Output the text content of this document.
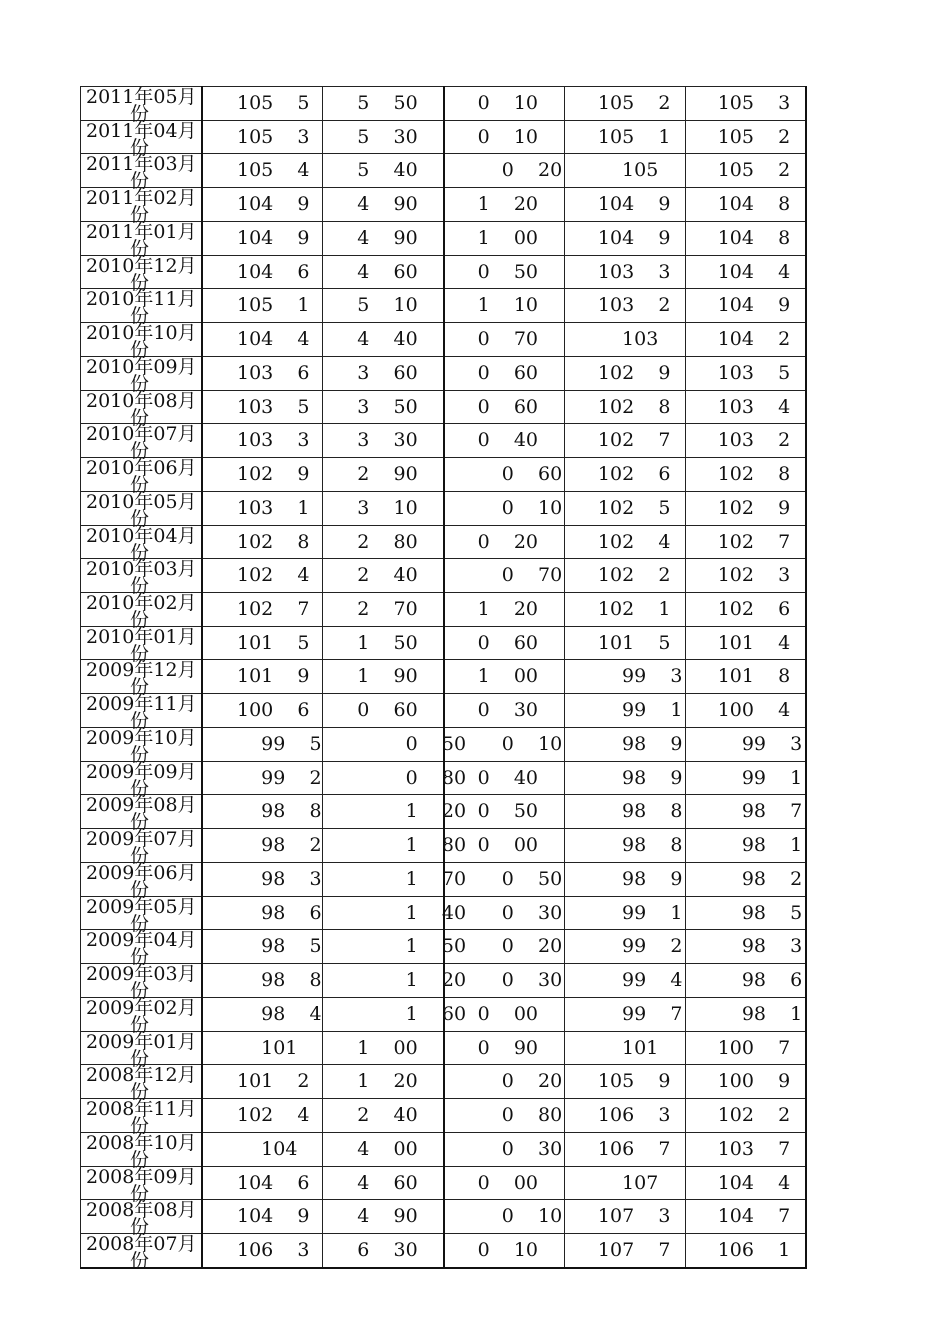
2011年05月
份	105    5	5    50	0    10	105    2	105    3

2011年04月
份	105    3	5    30	0    10	105    1	105    2

2011年03月
份	105    4	5    40	0    20	105	105    2

2011年02月
份	104    9	4    90	1    20	104    9	104    8

2011年01月
份	104    9	4    90	1    00	104    9	104    8

2010年12月
份	104    6	4    60	0    50	103    3	104    4

2010年11月
份	105    1	5    10	1    10	103    2	104    9

2010年10月
份	104    4	4    40	0    70	103	104    2

2010年09月
份	103    6	3    60	0    60	102    9	103    5

2010年08月
份	103    5	3    50	0    60	102    8	103    4

2010年07月
份	103    3	3    30	0    40	102    7	103    2

2010年06月
份	102    9	2    90	0    60	102    6	102    8

2010年05月
份	103    1	3    10	0    10	102    5	102    9

2010年04月
份	102    8	2    80	0    20	102    4	102    7

2010年03月
份	102    4	2    40	0    70	102    2	102    3

2010年02月
份	102    7	2    70	1    20	102    1	102    6

2010年01月
份	101    5	1    50	0    60	101    5	101    4

2009年12月
份	101    9	1    90	1    00	99    3	101    8

2009年11月
份	100    6	0    60	0    30	99    1	100    4

2009年10月
份	99    5	0    50	0    10	98    9	99    3

2009年09月
份	99    2	0    80	0    40	98    9	99    1

2009年08月
份	98    8	1    20	0    50	98    8	98    7

2009年07月
份	98    2	1    80	0    00	98    8	98    1

2009年06月
份	98    3	1    70	0    50	98    9	98    2

2009年05月
份	98    6	1    40	0    30	99    1	98    5

2009年04月
份	98    5	1    50	0    20	99    2	98    3

2009年03月
份	98    8	1    20	0    30	99    4	98    6

2009年02月
份	98    4	1    60	0    00	99    7	98    1

2009年01月
份	101	1    00	0    90	101	100    7

2008年12月
份	101    2	1    20	0    20	105    9	100    9

2008年11月
份	102    4	2    40	0    80	106    3	102    2

2008年10月
份	104	4    00	0    30	106    7	103    7

2008年09月
份	104    6	4    60	0    00	107	104    4

2008年08月
份	104    9	4    90	0    10	107    3	104    7

2008年07月
份	106    3	6    30	0    10	107    7	106    1
